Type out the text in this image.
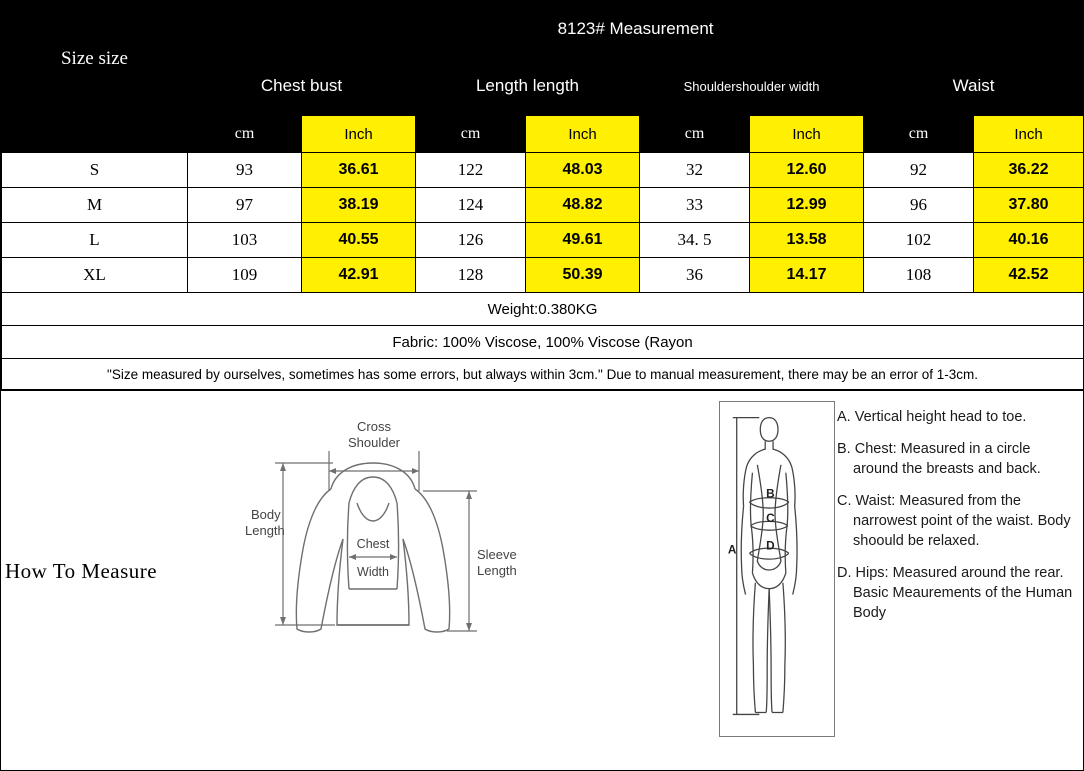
Size size	8123# Measurement							
	Chest bust		Length length		Shouldershoulder width		Waist	
	cm	Inch	cm	Inch	cm	Inch	cm	Inch
S	93	36.61	122	48.03	32	12.60	92	36.22
M	97	38.19	124	48.82	33	12.99	96	37.80
L	103	40.55	126	49.61	34. 5	13.58	102	40.16
XL	109	42.91	128	50.39	36	14.17	108	42.52
Weight:0.380KG								
Fabric: 100% Viscose, 100% Viscose (Rayon								
"Size measured by ourselves, sometimes has some errors, but always within 3cm." Due to manual measurement, there may be an error of 1-3cm.								
How To Measure
Cross
Shoulder
Body
Length
Chest
Width
Sleeve
Length
A
B
C
D

A. Vertical height head to toe.

B. Chest: Measured in a circle around the breasts and back.

C. Waist: Measured from the narrowest point of the waist. Body shoould be relaxed.

D. Hips: Measured around the rear. Basic Meaurements of the Human Body
